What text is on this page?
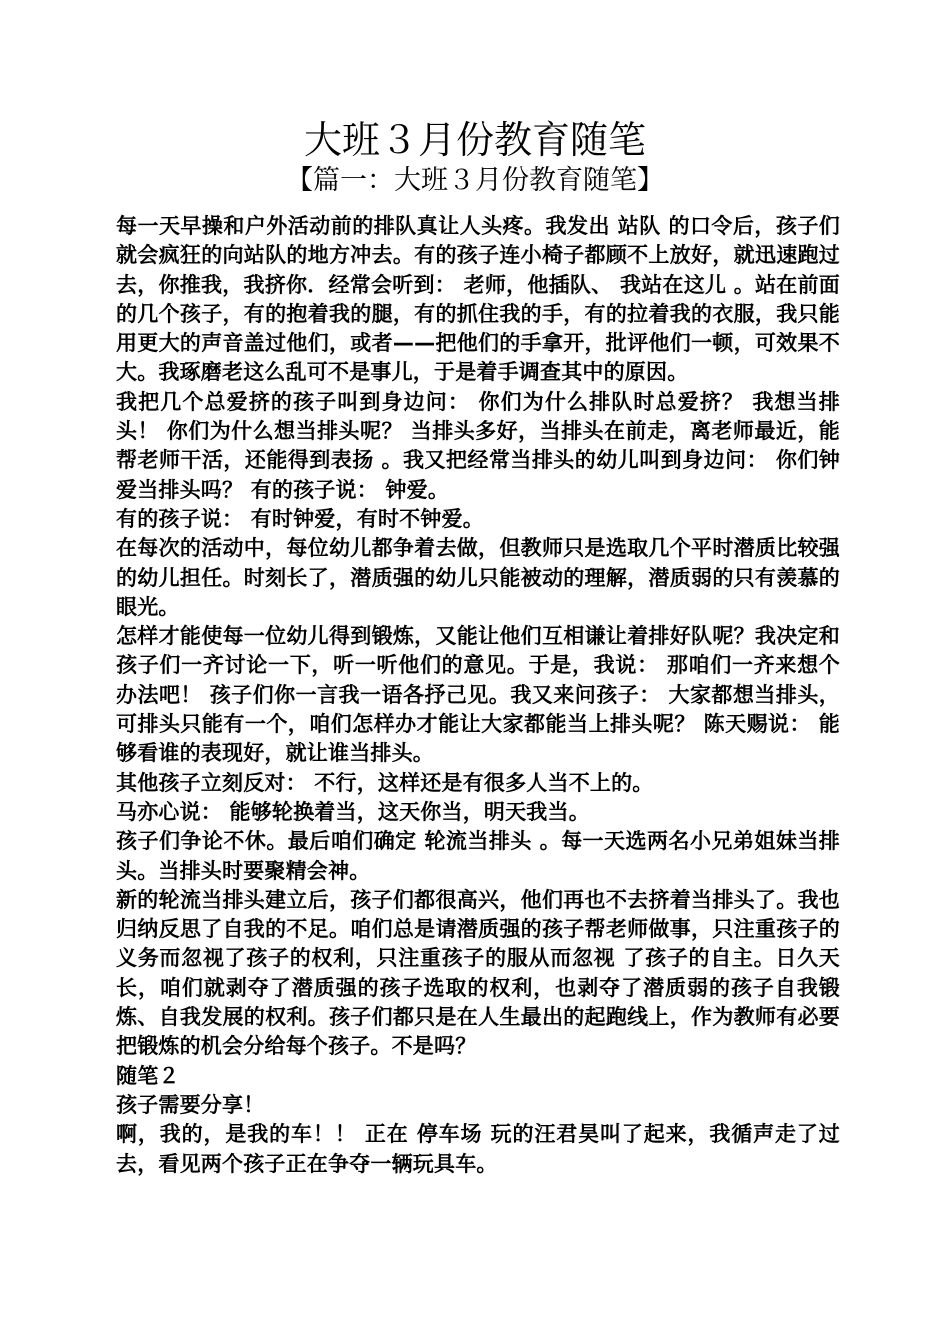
大班３月份教育随笔
【篇一：大班３月份教育随笔】

每一天早操和户外活动前的排队真让人头疼。我发出 站队 的口令后，孩子们就会疯狂的向站队的地方冲去。有的孩子连小椅子都顾不上放好，就迅速跑过去，你推我，我挤你．经常会听到： 老师，他插队、 我站在这儿 。站在前面的几个孩子，有的抱着我的腿，有的抓住我的手，有的拉着我的衣服，我只能用更大的声音盖过他们，或者——把他们的手拿开，批评他们一顿，可效果不大。我琢磨老这么乱可不是事儿，于是着手调查其中的原因。

我把几个总爱挤的孩子叫到身边问： 你们为什么排队时总爱挤？ 我想当排头！ 你们为什么想当排头呢？ 当排头多好，当排头在前走，离老师最近，能帮老师干活，还能得到表扬 。我又把经常当排头的幼儿叫到身边问： 你们钟爱当排头吗？ 有的孩子说： 钟爱。

有的孩子说： 有时钟爱，有时不钟爱。

在每次的活动中，每位幼儿都争着去做，但教师只是选取几个平时潜质比较强的幼儿担任。时刻长了，潜质强的幼儿只能被动的理解，潜质弱的只有羡慕的眼光。

怎样才能使每一位幼儿得到锻炼，又能让他们互相谦让着排好队呢？我决定和孩子们一齐讨论一下，听一听他们的意见。于是，我说： 那咱们一齐来想个办法吧！ 孩子们你一言我一语各抒己见。我又来问孩子： 大家都想当排头，可排头只能有一个，咱们怎样办才能让大家都能当上排头呢？ 陈天赐说： 能够看谁的表现好，就让谁当排头。

其他孩子立刻反对： 不行，这样还是有很多人当不上的。

马亦心说： 能够轮换着当，这天你当，明天我当。

孩子们争论不休。最后咱们确定 轮流当排头 。每一天选两名小兄弟姐妹当排头。当排头时要聚精会神。

新的轮流当排头建立后，孩子们都很高兴，他们再也不去挤着当排头了。我也归纳反思了自我的不足。咱们总是请潜质强的孩子帮老师做事，只注重孩子的义务而忽视了孩子的权利，只注重孩子的服从而忽视 了孩子的自主。日久天长，咱们就剥夺了潜质强的孩子选取的权利，也剥夺了潜质弱的孩子自我锻炼、自我发展的权利。孩子们都只是在人生最出的起跑线上，作为教师有必要把锻炼的机会分给每个孩子。不是吗？

随笔２

孩子需要分享！

啊，我的，是我的车！！ 正在 停车场 玩的汪君昊叫了起来，我循声走了过去，看见两个孩子正在争夺一辆玩具车。
